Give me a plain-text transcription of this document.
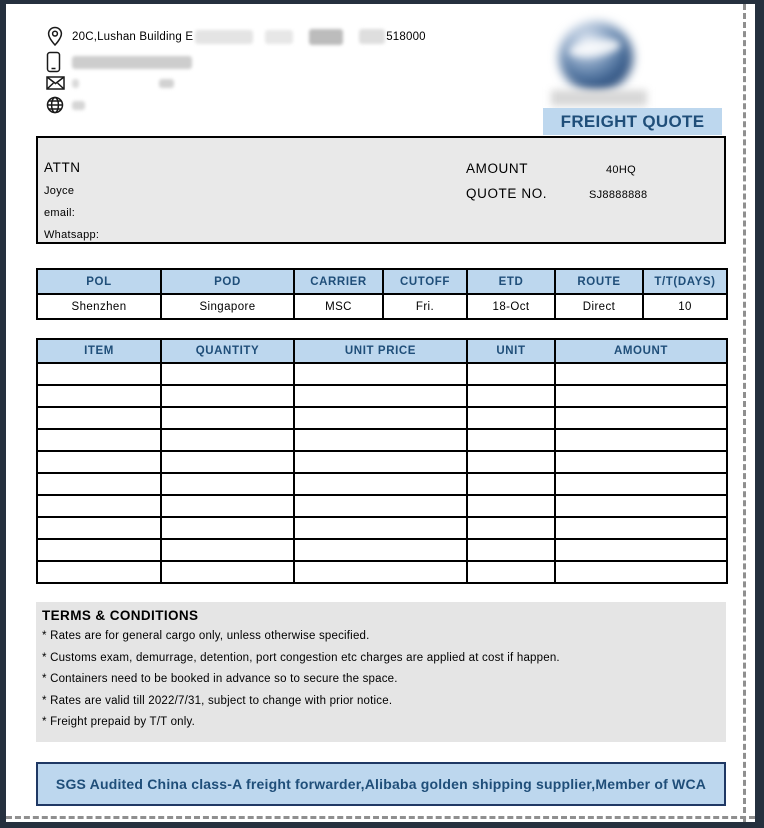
20C,Lushan Building E	518000
FREIGHT QUOTE
ATTN
Joyce
email:
Whatsapp:
AMOUNT	40HQ
QUOTE NO.	SJ8888888
POL	POD	CARRIER	CUTOFF	ETD	ROUTE	T/T(DAYS)
Shenzhen	Singapore	MSC	Fri.	18-Oct	Direct	10
ITEM	QUANTITY	UNIT PRICE	UNIT	AMOUNT

TERMS & CONDITIONS
* Rates are for general cargo only, unless otherwise specified.
* Customs exam, demurrage, detention, port congestion etc charges are applied at cost if happen.
* Containers need to be booked in advance so to secure the space.
* Rates are valid till 2022/7/31, subject to change with prior notice.
* Freight prepaid by T/T only.
SGS Audited China class-A freight forwarder,Alibaba golden shipping supplier,Member of WCA
